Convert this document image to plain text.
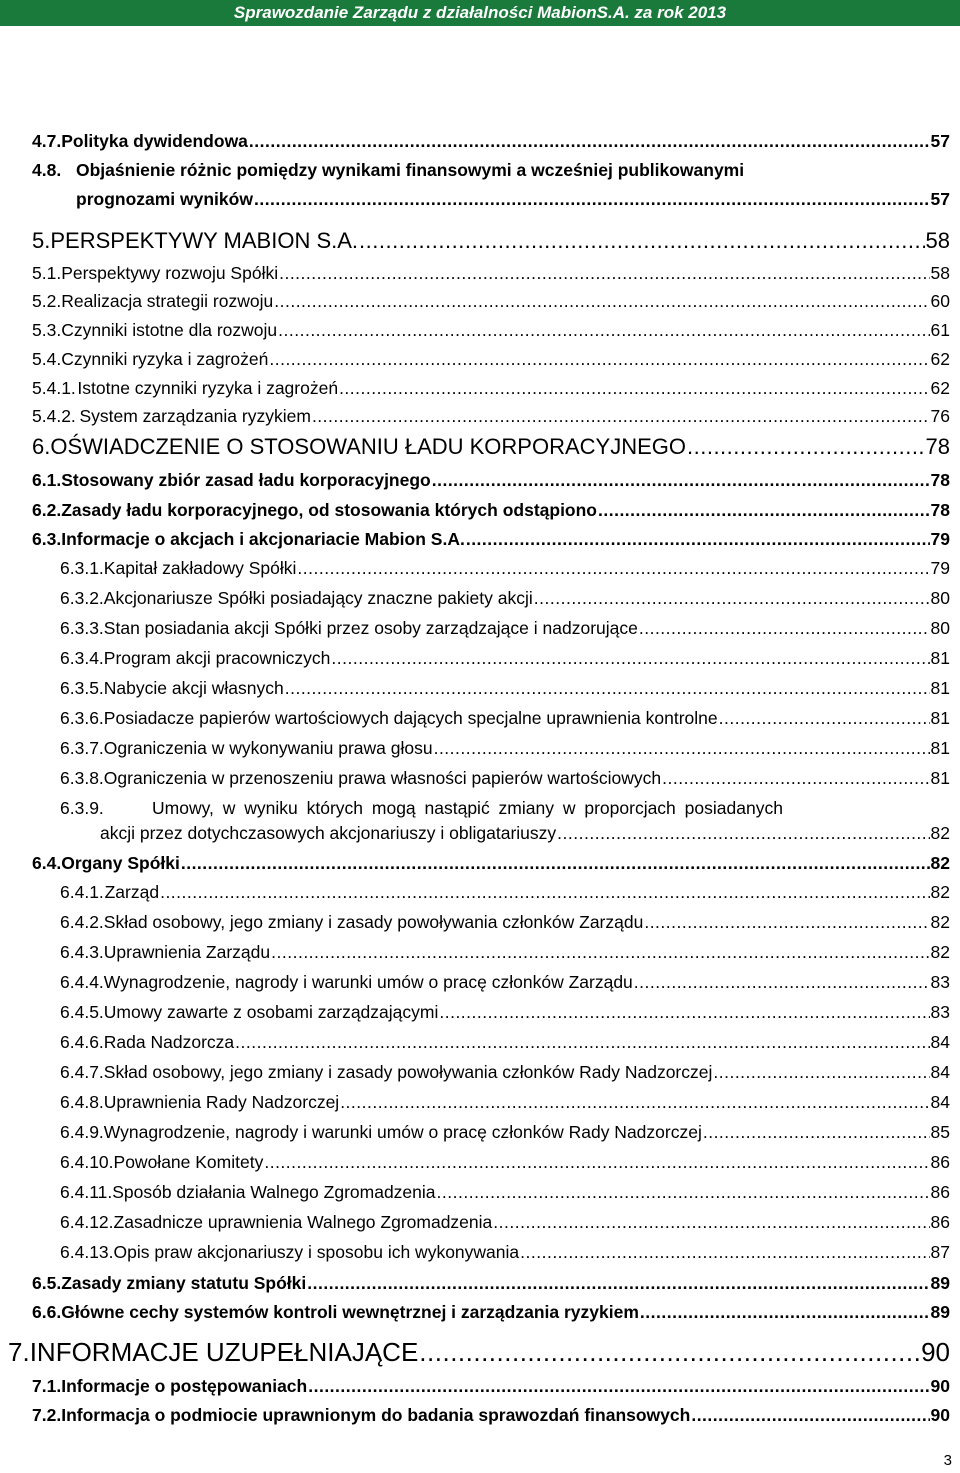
Sprawozdanie Zarządu z działalności MabionS.A. za rok 2013
4.7. Polityka dywidendowa .....	57
4.8. Objaśnienie różnic pomiędzy wynikami finansowymi a wcześniej publikowanymi
prognozami wyników .....	57
5. PERSPEKTYWY MABION S.A. .....	58
5.1. Perspektywy rozwoju Spółki .....	58
5.2. Realizacja strategii rozwoju .....	60
5.3. Czynniki istotne dla rozwoju .....	61
5.4. Czynniki ryzyka i zagrożeń .....	62
5.4.1. Istotne czynniki ryzyka i zagrożeń .....	62
5.4.2. System zarządzania ryzykiem .....	76
6. OŚWIADCZENIE O STOSOWANIU ŁADU KORPORACYJNEGO .....	78
6.1. Stosowany zbiór zasad ładu korporacyjnego .....	78
6.2. Zasady ładu korporacyjnego, od stosowania których odstąpiono .....	78
6.3. Informacje o akcjach i akcjonariacie Mabion S.A. .....	79
6.3.1. Kapitał zakładowy Spółki .....	79
6.3.2. Akcjonariusze Spółki posiadający znaczne pakiety akcji .....	80
6.3.3. Stan posiadania akcji Spółki przez osoby zarządzające i nadzorujące .....	80
6.3.4. Program akcji pracowniczych .....	81
6.3.5. Nabycie akcji własnych .....	81
6.3.6. Posiadacze papierów wartościowych dających specjalne uprawnienia kontrolne .....	81
6.3.7. Ograniczenia w wykonywaniu prawa głosu .....	81
6.3.8. Ograniczenia w przenoszeniu prawa własności papierów wartościowych .....	81
6.3.9.	Umowy, w wyniku których mogą nastąpić zmiany w proporcjach posiadanych
akcji przez dotychczasowych akcjonariuszy i obligatariuszy .....	82
6.4. Organy Spółki .....	82
6.4.1. Zarząd .....	82
6.4.2. Skład osobowy, jego zmiany i zasady powoływania członków Zarządu .....	82
6.4.3. Uprawnienia Zarządu .....	82
6.4.4. Wynagrodzenie, nagrody i warunki umów o pracę członków Zarządu .....	83
6.4.5. Umowy zawarte z osobami zarządzającymi .....	83
6.4.6. Rada Nadzorcza .....	84
6.4.7. Skład osobowy, jego zmiany i zasady powoływania członków Rady Nadzorczej .....	84
6.4.8. Uprawnienia Rady Nadzorczej .....	84
6.4.9. Wynagrodzenie, nagrody i warunki umów o pracę członków Rady Nadzorczej .....	85
6.4.10. Powołane Komitety .....	86
6.4.11. Sposób działania Walnego Zgromadzenia .....	86
6.4.12. Zasadnicze uprawnienia Walnego Zgromadzenia .....	86
6.4.13. Opis praw akcjonariuszy i sposobu ich wykonywania .....	87
6.5. Zasady zmiany statutu Spółki .....	89
6.6. Główne cechy systemów kontroli wewnętrznej i zarządzania ryzykiem .....	89
7. INFORMACJE UZUPEŁNIAJĄCE .....	90
7.1. Informacje o postępowaniach .....	90
7.2. Informacja o podmiocie uprawnionym do badania sprawozdań finansowych .....	90
3
